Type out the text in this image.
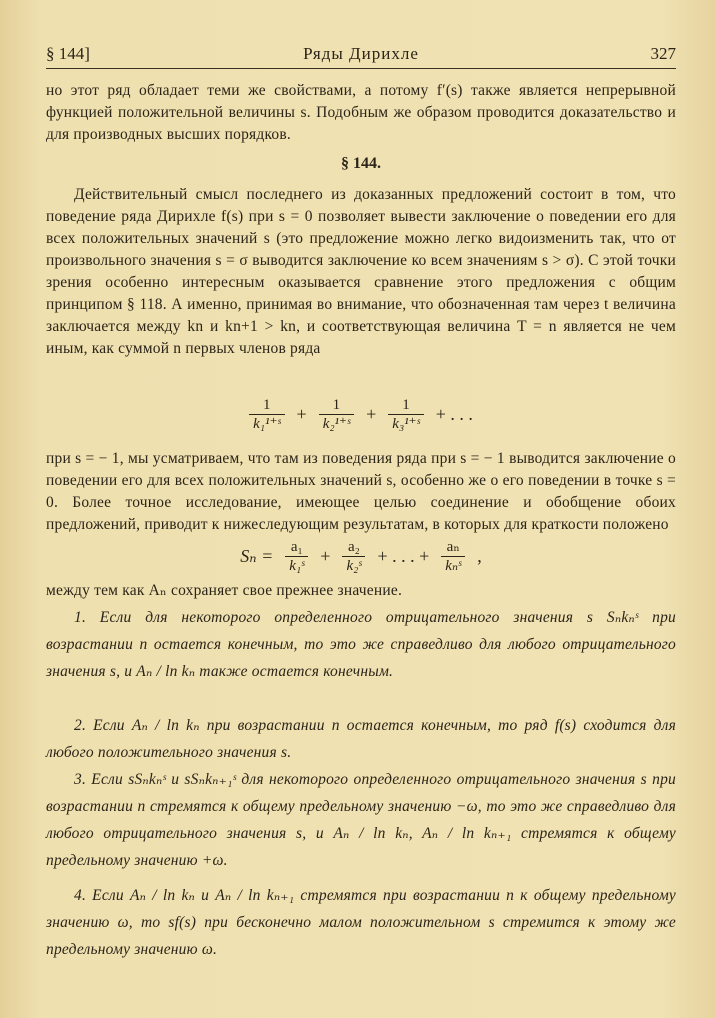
§ 144]	Ряды Дирихле	327

но этот ряд обладает теми же свойствами, а потому f′(s) также является непрерывной функцией положительной величины s. Подобным же образом проводится доказательство и для производных высших порядков.

§ 144.

Действительный смысл последнего из доказанных предложений состоит в том, что поведение ряда Дирихле f(s) при s = 0 позволяет вывести заключение о поведении его для всех положительных значений s (это предложение можно легко видоизменить так, что от произвольного значения s = σ выводится заключение ко всем значениям s > σ). С этой точки зрения особенно интересным оказывается сравнение этого предложения с общим принципом § 118. А именно, принимая во внимание, что обозначенная там через t величина заключается между kn и kn+1 > kn, и соответствующая величина T = n является не чем иным, как суммой n первых членов ряда

$\frac{1}{\text{k₁¹⁺ˢ}} + \frac{1}{\text{k₂¹⁺ˢ}} + \frac{1}{\text{k₃¹⁺ˢ}}$ + . . .

при s = − 1, мы усматриваем, что там из поведения ряда при s = − 1 выводится заключение о поведении его для всех положительных значений s, особенно же о его поведении в точке s = 0. Более точное исследование, имеющее целью соединение и обобщение обоих предложений, приводит к нижеследующим результатам, в которых для краткости положено

$S_n = \frac{\text{a₁}}{\text{k₁ˢ}} + \frac{\text{a₂}}{\text{k₂ˢ}}$ + . . . + $\frac{\text{aₙ}}{\text{kₙˢ}}$ ,

между тем как Aₙ сохраняет свое прежнее значение.

1. Если для некоторого определенного отрицательного значения s Sₙkₙˢ при возрастании n остается конечным, то это же справедливо для любого отрицательного значения s, и Aₙ / ln kₙ также остается конечным.

2. Если Aₙ / ln kₙ при возрастании n остается конечным, то ряд f(s) сходится для любого положительного значения s.

3. Если sSₙkₙˢ и sSₙkₙ₊₁ˢ для некоторого определенного отрицательного значения s при возрастании n стремятся к общему предельному значению −ω, то это же справедливо для любого отрицательного значения s, и Aₙ / ln kₙ, Aₙ / ln kₙ₊₁ стремятся к общему предельному значению +ω.

4. Если Aₙ / ln kₙ и Aₙ / ln kₙ₊₁ стремятся при возрастании n к общему предельному значению ω, то sf(s) при бесконечно малом положительном s стремится к этому же предельному значению ω.
